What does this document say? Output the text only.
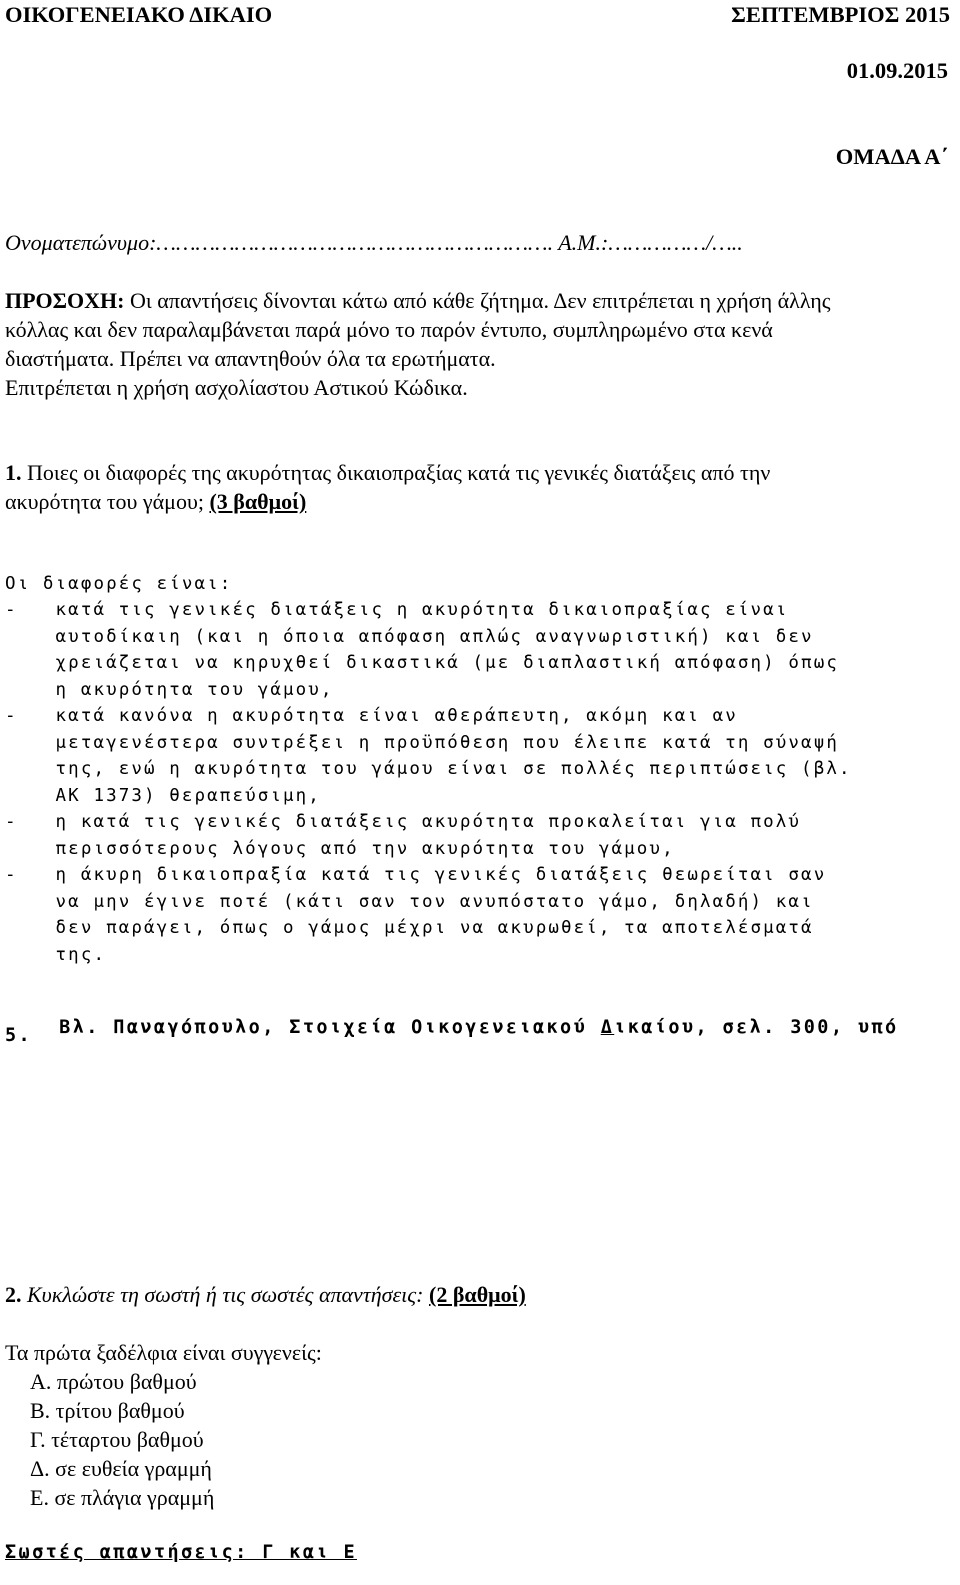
ΟΙΚΟΓΕΝΕΙΑΚΟ ΔΙΚΑΙΟ	ΣΕΠΤΕΜΒΡΙΟΣ 2015
01.09.2015
ΟΜΑΔΑ Α΄
Ονοματεπώνυμο:……………………………………………………. Α.Μ.:……………/…..
ΠΡΟΣΟΧΗ: Οι απαντήσεις δίνονται κάτω από κάθε ζήτημα. Δεν επιτρέπεται η χρήση άλλης
κόλλας και δεν παραλαμβάνεται παρά μόνο το παρόν έντυπο, συμπληρωμένο στα κενά
διαστήματα. Πρέπει να απαντηθούν όλα τα ερωτήματα.
Επιτρέπεται η χρήση ασχολίαστου Αστικού Κώδικα.
1. Ποιες οι διαφορές της ακυρότητας δικαιοπραξίας κατά τις γενικές διατάξεις από την
ακυρότητα του γάμου; (3 βαθμοί)
Οι διαφορές είναι:
-   κατά τις γενικές διατάξεις η ακυρότητα δικαιοπραξίας είναι
αυτοδίκαιη (και η όποια απόφαση απλώς αναγνωριστική) και δεν
χρειάζεται να κηρυχθεί δικαστικά (με διαπλαστική απόφαση) όπως
η ακυρότητα του γάμου,
-   κατά κανόνα η ακυρότητα είναι αθεράπευτη, ακόμη και αν
μεταγενέστερα συντρέξει η προϋπόθεση που έλειπε κατά τη σύναψή
της, ενώ η ακυρότητα του γάμου είναι σε πολλές περιπτώσεις (βλ.
ΑΚ 1373) θεραπεύσιμη,
-   η κατά τις γενικές διατάξεις ακυρότητα προκαλείται για πολύ
περισσότερους λόγους από την ακυρότητα του γάμου,
-   η άκυρη δικαιοπραξία κατά τις γενικές διατάξεις θεωρείται σαν
να μην έγινε ποτέ (κάτι σαν τον ανυπόστατο γάμο, δηλαδή) και
δεν παράγει, όπως ο γάμος μέχρι να ακυρωθεί, τα αποτελέσματά
της.

Βλ. Παναγόπουλο, Στοιχεία Οικογενειακού Δικαίου, σελ. 300, υπό

5.
2. Κυκλώστε τη σωστή ή τις σωστές απαντήσεις: (2 βαθμοί)
Τα πρώτα ξαδέλφια είναι συγγενείς:
Α. πρώτου βαθμού
Β. τρίτου βαθμού
Γ. τέταρτου βαθμού
Δ. σε ευθεία γραμμή
Ε. σε πλάγια γραμμή
Σωστές απαντήσεις: Γ και Ε
